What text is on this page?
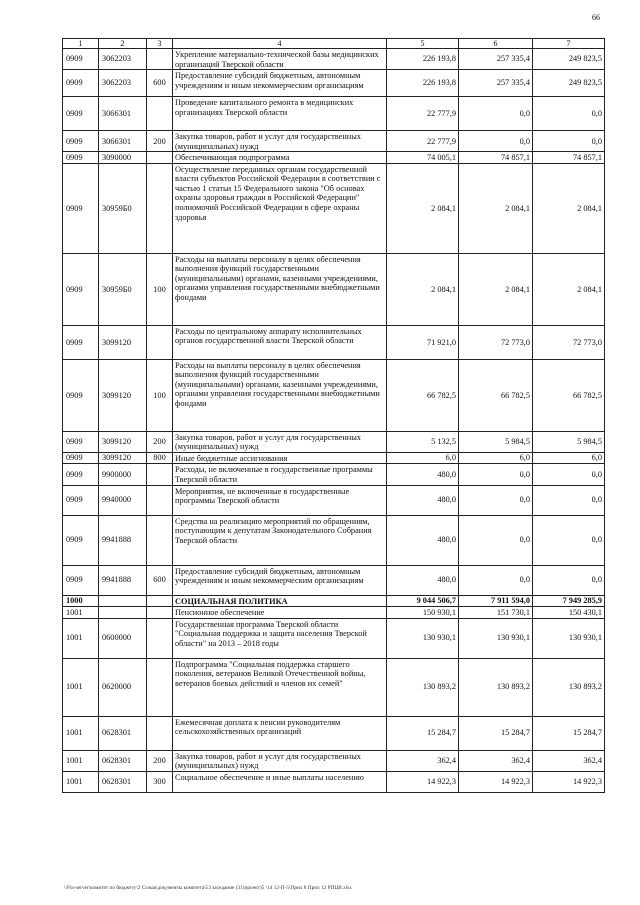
66
1	2	3	4	5	6	7
0909	3062203		Укрепление материально-технической базы медицинских организаций Тверской области	226 193,8	257 335,4	249 823,5
0909	3062203	600	Предоставление субсидий бюджетным, автономным учреждениям и иным некоммерческим организациям	226 193,8	257 335,4	249 823,5
0909	3066301		Проведение капитального ремонта в медицинских организациях Тверской области	22 777,9	0,0	0,0
0909	3066301	200	Закупка товаров, работ и услуг для государственных (муниципальных) нужд	22 777,9	0,0	0,0
0909	3090000		Обеспечивающая подпрограмма	74 005,1	74 857,1	74 857,1
0909	30959Б0		Осуществление переданных органам государственной власти субъектов Российской Федерации в соответствии с частью 1 статьи 15 Федерального закона "Об основах охраны здоровья граждан в Российской Федерации" полномочий Российской Федерации в сфере охраны здоровья	2 084,1	2 084,1	2 084,1
0909	30959Б0	100	Расходы на выплаты персоналу в целях обеспечения выполнения функций государственными (муниципальными) органами, казенными учреждениями, органами управления государственными внебюджетными фондами	2 084,1	2 084,1	2 084,1
0909	3099120		Расходы по центральному аппарату исполнительных органов государственной власти Тверской области	71 921,0	72 773,0	72 773,0
0909	3099120	100	Расходы на выплаты персоналу в целях обеспечения выполнения функций государственными (муниципальными) органами, казенными учреждениями, органами управления государственными внебюджетными фондами	66 782,5	66 782,5	66 782,5
0909	3099120	200	Закупка товаров, работ и услуг для государственных (муниципальных) нужд	5 132,5	5 984,5	5 984,5
0909	3099120	800	Иные бюджетные ассигнования	6,0	6,0	6,0
0909	9900000		Расходы, не включенные в государственные программы Тверской области	480,0	0,0	0,0
0909	9940000		Мероприятия, не включенные в государственные программы Тверской области	480,0	0,0	0,0
0909	9941888		Средства на реализацию мероприятий по обращениям, поступающим к депутатам Законодательного Собрания Тверской области	480,0	0,0	0,0
0909	9941888	600	Предоставление субсидий бюджетным, автономным учреждениям и иным некоммерческим организациям	480,0	0,0	0,0
1000			СОЦИАЛЬНАЯ ПОЛИТИКА	9 044 506,7	7 911 594,0	7 949 285,9
1001			Пенсионное обеспечение	150 930,1	151 730,1	150 430,1
1001	0600000		Государственная программа Тверской области "Социальная поддержка и защита населения Тверской области" на 2013 – 2018 годы	130 930,1	130 930,1	130 930,1
1001	0620000		Подпрограмма "Социальная поддержка старшего поколения, ветеранов Великой Отечественной войны, ветеранов боевых действий и членов их семей"	130 893,2	130 893,2	130 893,2
1001	0628301		Ежемесячная доплата к пенсии руководителям сельскохозяйственных организаций	15 284,7	15 284,7	15 284,7
1001	0628301	200	Закупка товаров, работ и услуг для государственных (муниципальных) нужд	362,4	362,4	362,4
1001	0628301	300	Социальное обеспечение и иные выплаты населению	14 922,3	14 922,3	14 922,3
\\Fin-server\комитет по бюджету\2 Созыв\документы комитета\53 заседание (31)проект)5 \14 12-П-5\Прил 8 Прил 12 РПЦВ.xlsx
